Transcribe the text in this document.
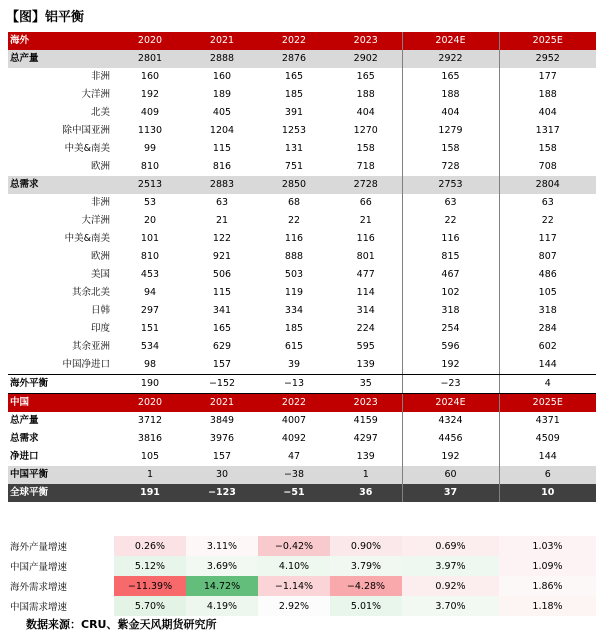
【图】铝平衡
海外	2020	2021	2022	2023	2024E	2025E
总产量	2801	2888	2876	2902	2922	2952
非洲	160	160	165	165	165	177
大洋洲	192	189	185	188	188	188
北美	409	405	391	404	404	404
除中国亚洲	1130	1204	1253	1270	1279	1317
中美&南美	99	115	131	158	158	158
欧洲	810	816	751	718	728	708
总需求	2513	2883	2850	2728	2753	2804
非洲	53	63	68	66	63	63
大洋洲	20	21	22	21	22	22
中美&南美	101	122	116	116	116	117
欧洲	810	921	888	801	815	807
美国	453	506	503	477	467	486
其余北美	94	115	119	114	102	105
日韩	297	341	334	314	318	318
印度	151	165	185	224	254	284
其余亚洲	534	629	615	595	596	602
中国净进口	98	157	39	139	192	144
海外平衡	190	−152	−13	35	−23	4
中国	2020	2021	2022	2023	2024E	2025E
总产量	3712	3849	4007	4159	4324	4371
总需求	3816	3976	4092	4297	4456	4509
净进口	105	157	47	139	192	144
中国平衡	1	30	−38	1	60	6
全球平衡	191	−123	−51	36	37	10
海外产量增速	0.26%	3.11%	−0.42%	0.90%	0.69%	1.03%
中国产量增速	5.12%	3.69%	4.10%	3.79%	3.97%	1.09%
海外需求增速	−11.39%	14.72%	−1.14%	−4.28%	0.92%	1.86%
中国需求增速	5.70%	4.19%	2.92%	5.01%	3.70%	1.18%
数据来源：CRU、紫金天风期货研究所
